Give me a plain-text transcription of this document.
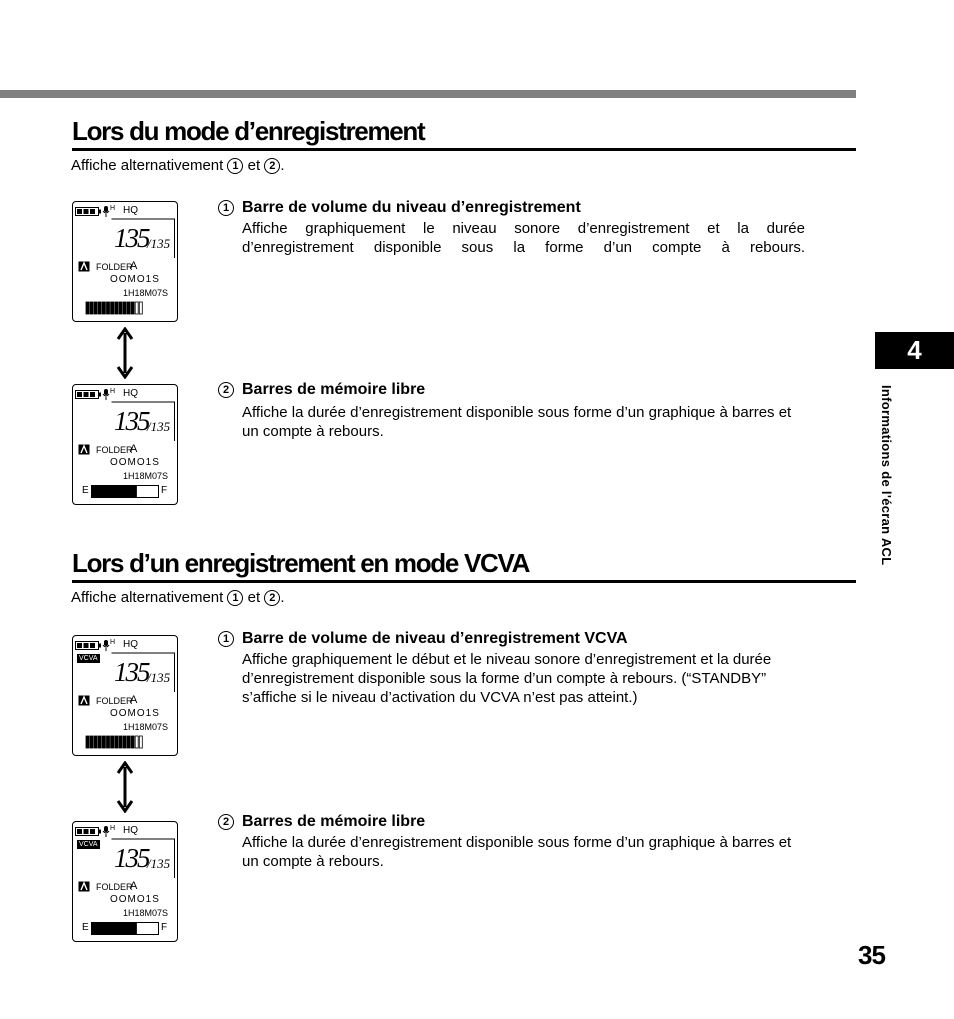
Lors du mode d’enregistrement

Affiche alternativement 1 et 2 .

H HQ
135
/135
FOLDER
A
OOMO1S
1H18M07S
H HQ
135
/135
FOLDER
A
OOMO1S
1H18M07S
E	F

1 Barre de volume du niveau d’enregistrement

Affiche graphiquement le niveau sonore d’enregistrement et la durée d’enregistrement disponible sous la forme d’un compte à rebours.

2 Barres de mémoire libre

Affiche la durée d’enregistrement disponible sous forme d’un graphique à barres et un compte à rebours.

Lors d’un enregistrement en mode VCVA

Affiche alternativement 1 et 2 .

H HQ
VCVA 135
/135
FOLDER
A
OOMO1S
1H18M07S
H HQ
VCVA 135
/135
FOLDER
A
OOMO1S
1H18M07S
E	F

1 Barre de volume de niveau d’enregistrement VCVA

Affiche graphiquement le début et le niveau sonore d’enregistrement et la durée d’enregistrement disponible sous la forme d’un compte à rebours. (“STANDBY” s’affiche si le niveau d’activation du VCVA n’est pas atteint.)

2 Barres de mémoire libre

Affiche la durée d’enregistrement disponible sous forme d’un graphique à barres et un compte à rebours.

4
Informations de l'écran ACL
35
